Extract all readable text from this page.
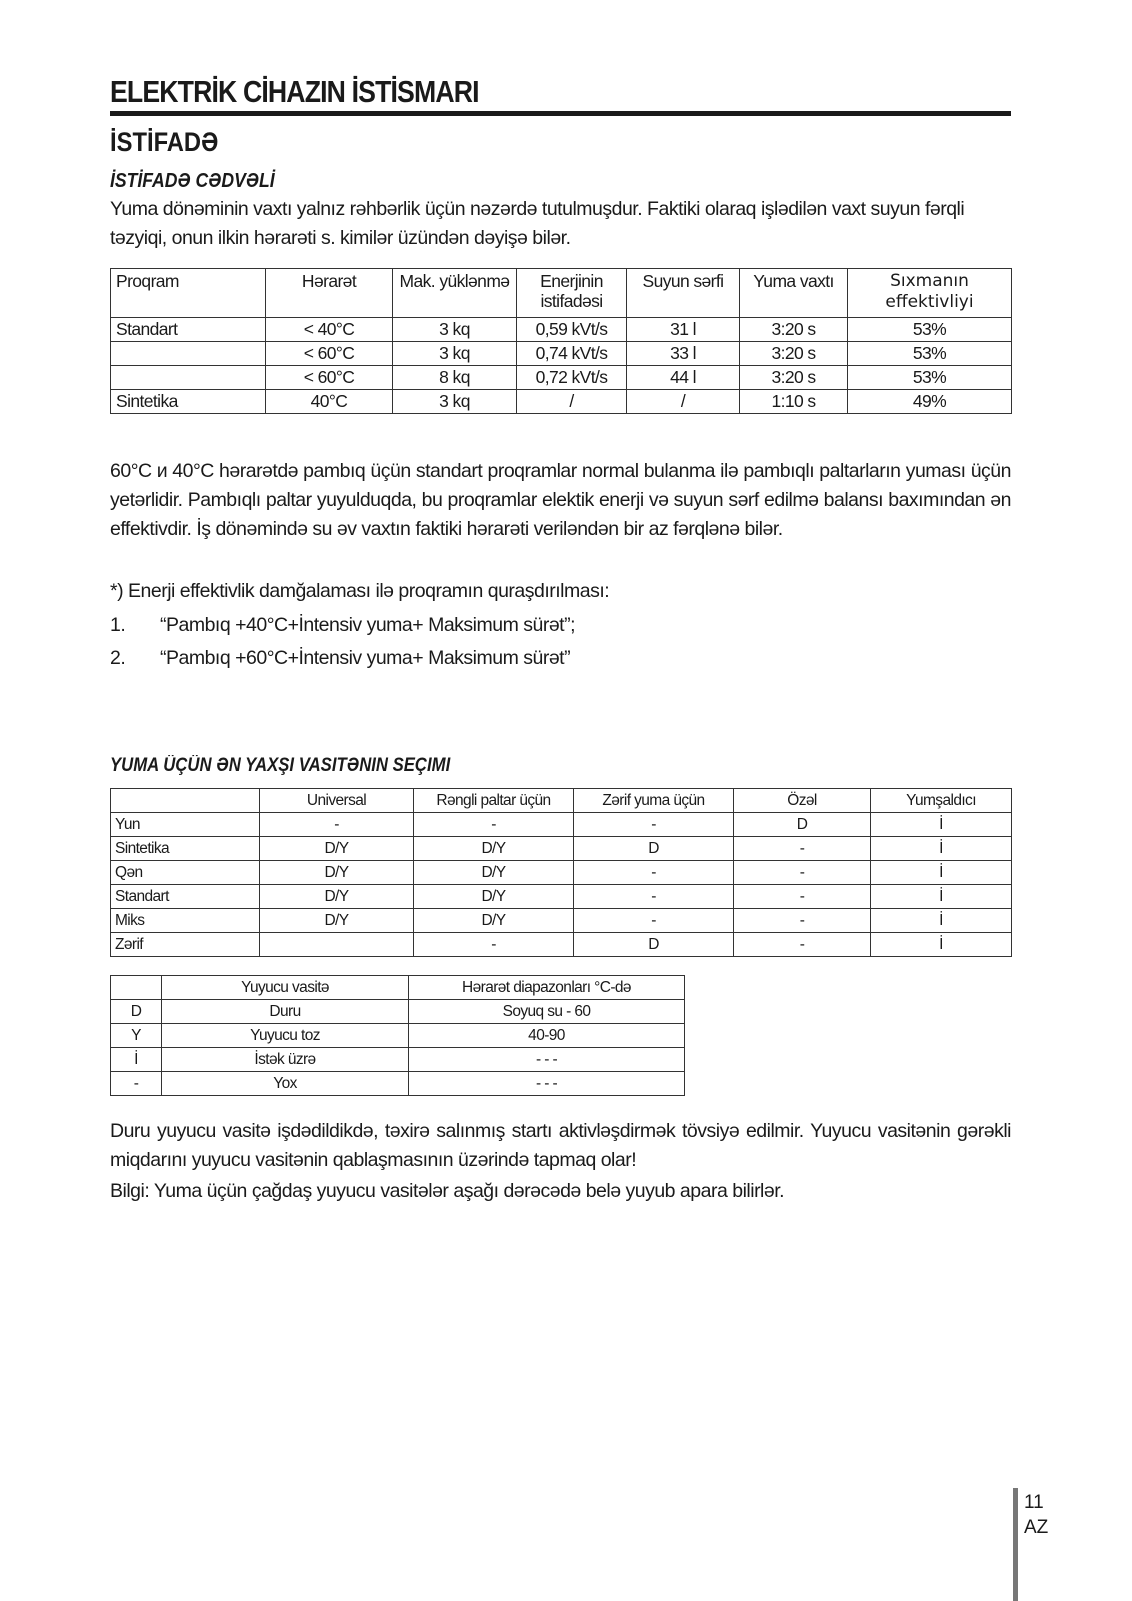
ELEKTRİK CİHAZIN İSTİSMARI
İSTİFADƏ
İSTİFADƏ CƏDVƏLİ
Yuma dönəminin vaxtı yalnız rəhbərlik üçün nəzərdə tutulmuşdur. Faktiki olaraq işlədilən vaxt suyun fərqli
təzyiqi, onun ilkin hərarəti s. kimilər üzündən dəyişə bilər.
Proqram	Hərarət	Mak. yüklənmə	Enerjinin istifadəsi	Suyun sərfi	Yuma vaxtı	Sıxmanın effektivliyi
Standart	< 40°C	3 kq	0,59 kVt/s	31 l	3:20 s	53%
	< 60°C	3 kq	0,74 kVt/s	33 l	3:20 s	53%
	< 60°C	8 kq	0,72 kVt/s	44 l	3:20 s	53%
Sintetika	40°C	3 kq	/	/	1:10 s	49%
60°C и 40°C hərarətdə pambıq üçün standart proqramlar normal bulanma ilə pambıqlı paltarların yuması üçün yetərlidir. Pambıqlı paltar yuyulduqda, bu proqramlar elektik enerji və suyun sərf edilmə balansı baxımından ən effektivdir. İş dönəmində su əv vaxtın faktiki hərarəti veriləndən bir az fərqlənə bilər.
*) Enerji effektivlik damğalaması ilə proqramın quraşdırılması:
1. “Pambıq +40°C+İntensiv yuma+ Maksimum sürət”;
2. “Pambıq +60°C+İntensiv yuma+ Maksimum sürət”
YUMA ÜÇÜN ƏN YAXŞI VASITƏNIN SEÇIMI
	Universal	Rəngli paltar üçün	Zərif yuma üçün	Özəl	Yumşaldıcı
Yun	-	-	-	D	İ
Sintetika	D/Y	D/Y	D	-	İ
Qən	D/Y	D/Y	-	-	İ
Standart	D/Y	D/Y	-	-	İ
Miks	D/Y	D/Y	-	-	İ
Zərif		-	D	-	İ
	Yuyucu vasitə	Hərarət diapazonları °C-də
D	Duru	Soyuq su - 60
Y	Yuyucu toz	40-90
İ	İstək üzrə	- - -
-	Yox	- - -
Duru yuyucu vasitə işdədildikdə, təxirə salınmış startı aktivləşdirmək tövsiyə edilmir. Yuyucu vasitənin gərəkli miqdarını yuyucu vasitənin qablaşmasının üzərində tapmaq olar!
Bilgi: Yuma üçün çağdaş yuyucu vasitələr aşağı dərəcədə belə yuyub apara bilirlər.
11
AZ
